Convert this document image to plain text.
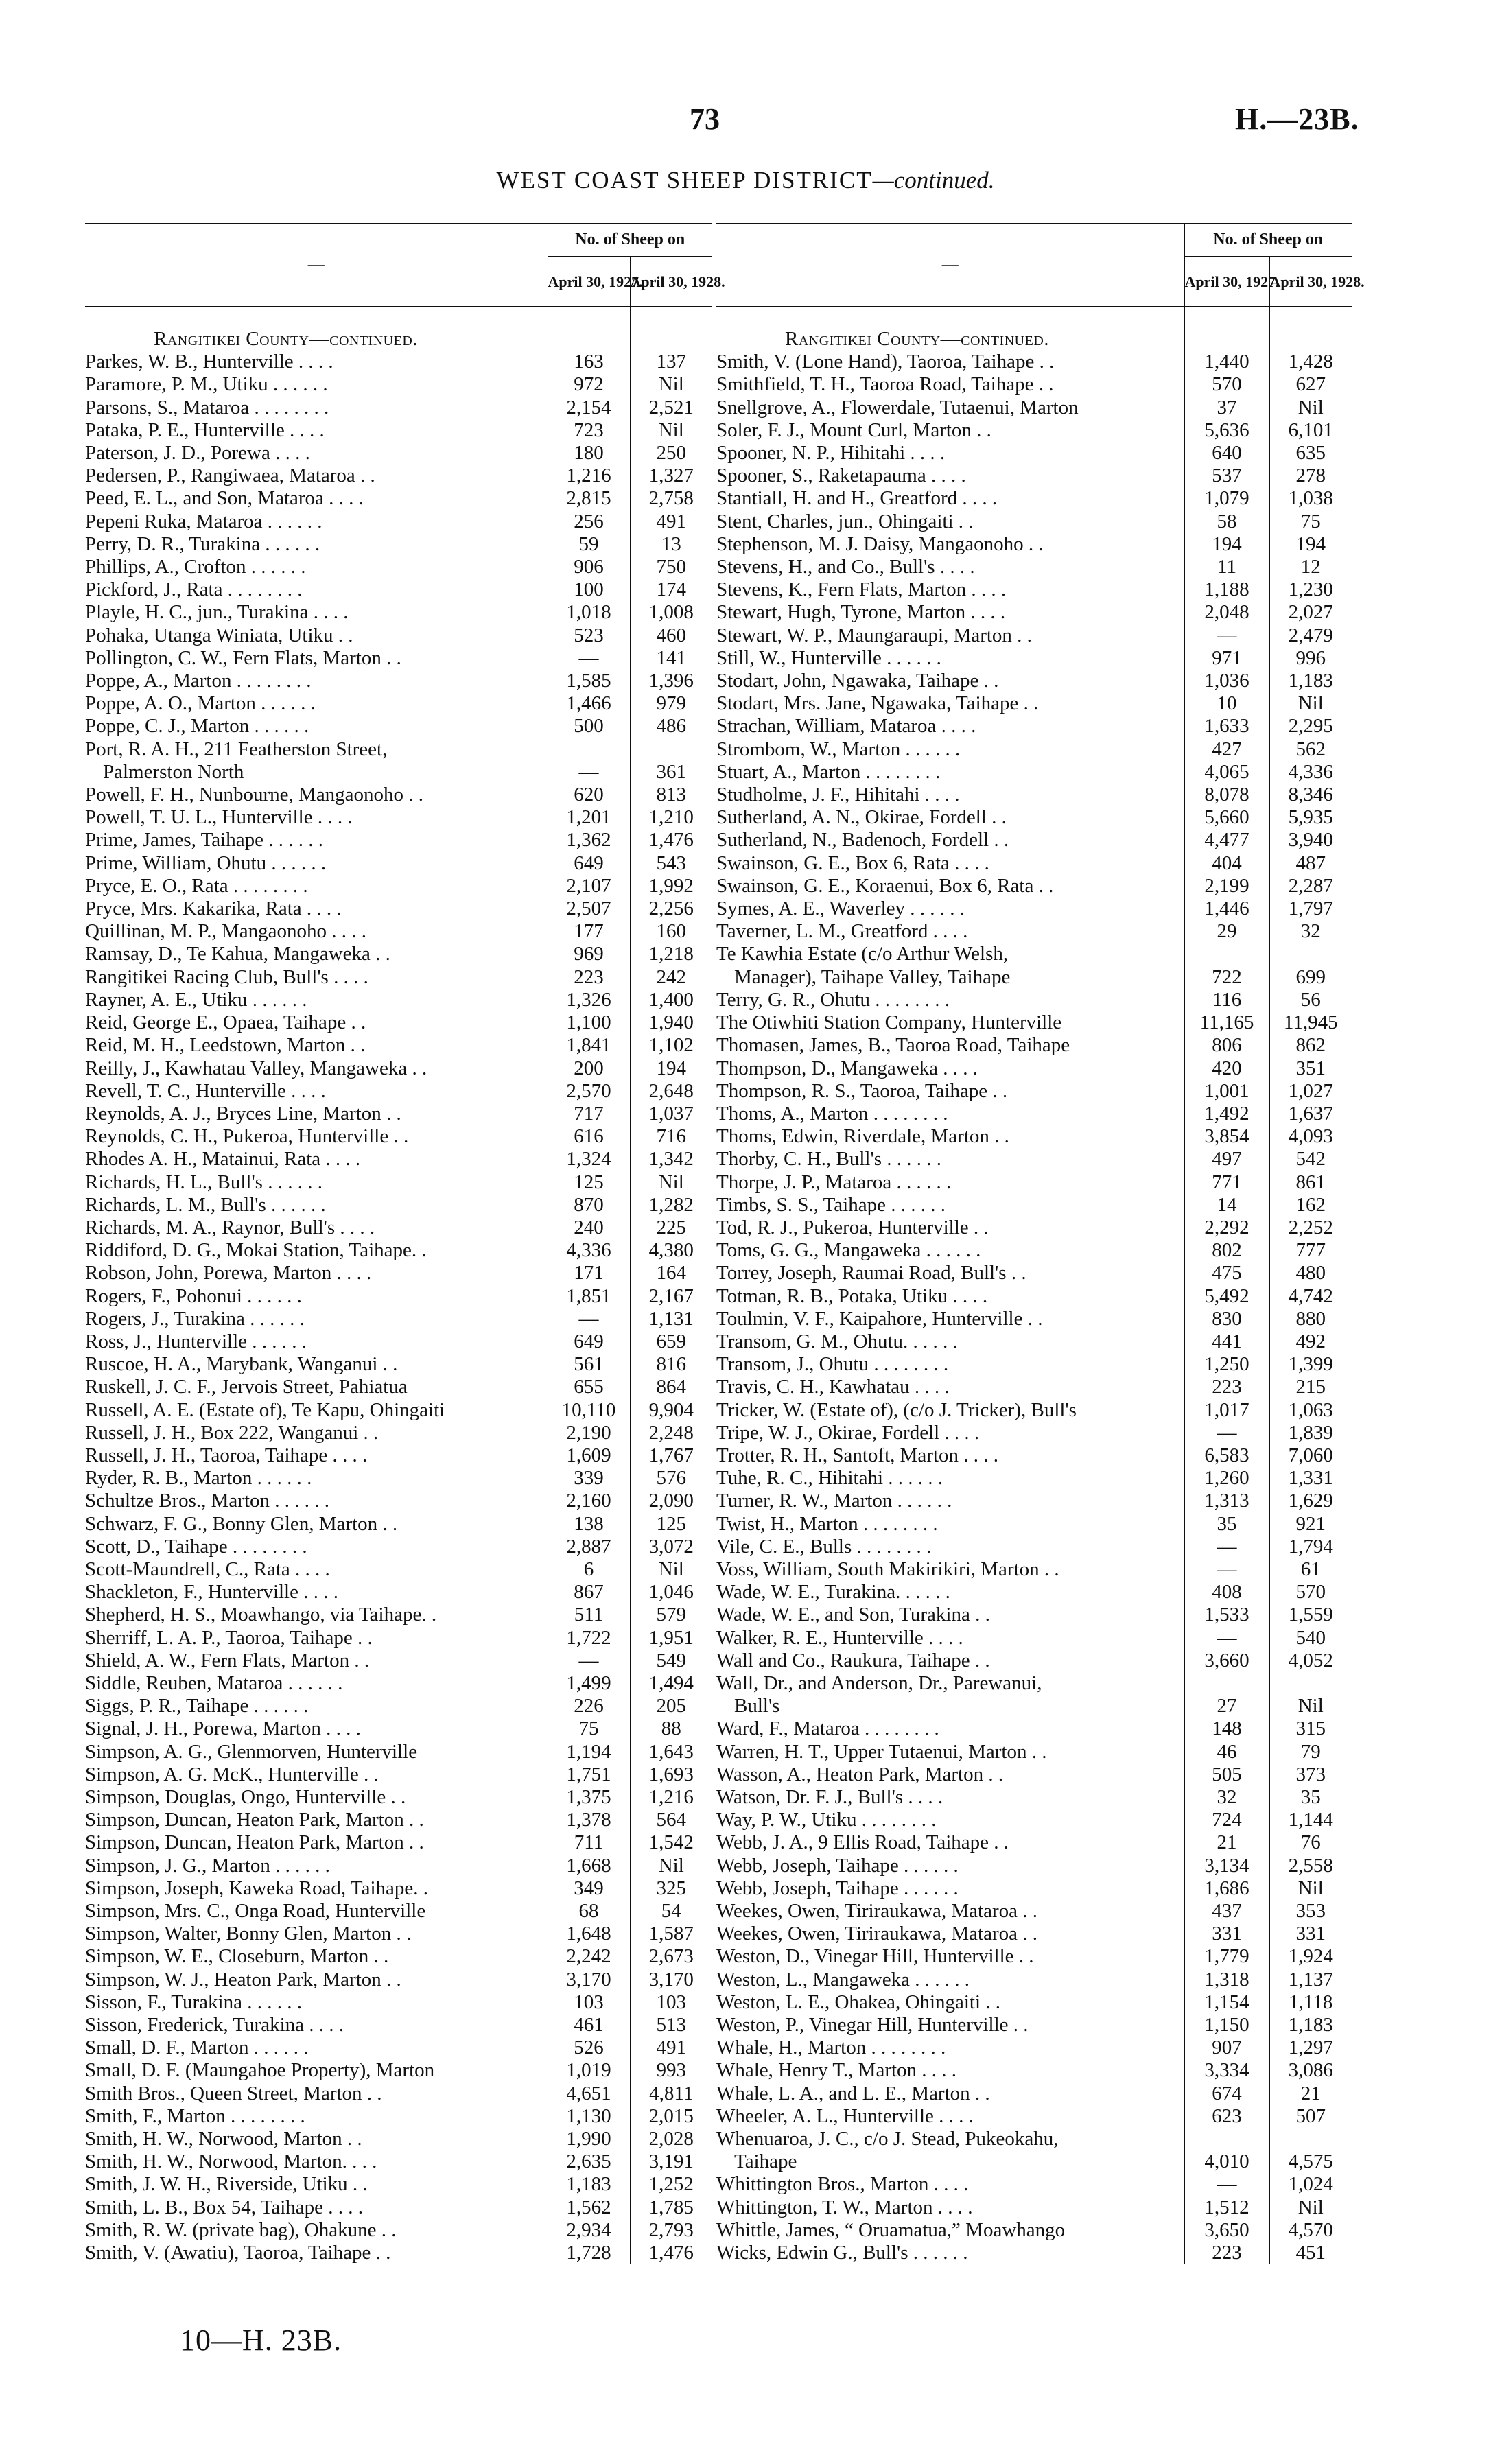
73	H.—23B.
WEST COAST SHEEP DISTRICT—continued.
—	No. of Sheep on	
	April 30, 1927.	April 30, 1928.

Rangitikei County—continued.		
Parkes, W. B., Hunterville . . . .	163	137
Paramore, P. M., Utiku . . . . . .	972	Nil
Parsons, S., Mataroa . . . . . . . .	2,154	2,521
Pataka, P. E., Hunterville . . . .	723	Nil
Paterson, J. D., Porewa . . . .	180	250
Pedersen, P., Rangiwaea, Mataroa . .	1,216	1,327
Peed, E. L., and Son, Mataroa . . . .	2,815	2,758
Pepeni Ruka, Mataroa . . . . . .	256	491
Perry, D. R., Turakina . . . . . .	59	13
Phillips, A., Crofton . . . . . .	906	750
Pickford, J., Rata . . . . . . . .	100	174
Playle, H. C., jun., Turakina . . . .	1,018	1,008
Pohaka, Utanga Winiata, Utiku . .	523	460
Pollington, C. W., Fern Flats, Marton . .	—	141
Poppe, A., Marton . . . . . . . .	1,585	1,396
Poppe, A. O., Marton . . . . . .	1,466	979
Poppe, C. J., Marton . . . . . .	500	486
Port, R. A. H., 211 Featherston Street,
Palmerston North	—	361
Powell, F. H., Nunbourne, Mangaonoho . .	620	813
Powell, T. U. L., Hunterville . . . .	1,201	1,210
Prime, James, Taihape . . . . . .	1,362	1,476
Prime, William, Ohutu . . . . . .	649	543
Pryce, E. O., Rata . . . . . . . .	2,107	1,992
Pryce, Mrs. Kakarika, Rata . . . .	2,507	2,256
Quillinan, M. P., Mangaonoho . . . .	177	160
Ramsay, D., Te Kahua, Mangaweka . .	969	1,218
Rangitikei Racing Club, Bull's . . . .	223	242
Rayner, A. E., Utiku . . . . . .	1,326	1,400
Reid, George E., Opaea, Taihape . .	1,100	1,940
Reid, M. H., Leedstown, Marton . .	1,841	1,102
Reilly, J., Kawhatau Valley, Mangaweka . .	200	194
Revell, T. C., Hunterville . . . .	2,570	2,648
Reynolds, A. J., Bryces Line, Marton . .	717	1,037
Reynolds, C. H., Pukeroa, Hunterville . .	616	716
Rhodes A. H., Matainui, Rata . . . .	1,324	1,342
Richards, H. L., Bull's . . . . . .	125	Nil
Richards, L. M., Bull's . . . . . .	870	1,282
Richards, M. A., Raynor, Bull's . . . .	240	225
Riddiford, D. G., Mokai Station, Taihape. .	4,336	4,380
Robson, John, Porewa, Marton . . . .	171	164
Rogers, F., Pohonui . . . . . .	1,851	2,167
Rogers, J., Turakina . . . . . .	—	1,131
Ross, J., Hunterville . . . . . .	649	659
Ruscoe, H. A., Marybank, Wanganui . .	561	816
Ruskell, J. C. F., Jervois Street, Pahiatua	655	864
Russell, A. E. (Estate of), Te Kapu, Ohingaiti	10,110	9,904
Russell, J. H., Box 222, Wanganui . .	2,190	2,248
Russell, J. H., Taoroa, Taihape . . . .	1,609	1,767
Ryder, R. B., Marton . . . . . .	339	576
Schultze Bros., Marton . . . . . .	2,160	2,090
Schwarz, F. G., Bonny Glen, Marton . .	138	125
Scott, D., Taihape . . . . . . . .	2,887	3,072
Scott-Maundrell, C., Rata . . . .	6	Nil
Shackleton, F., Hunterville . . . .	867	1,046
Shepherd, H. S., Moawhango, via Taihape. .	511	579
Sherriff, L. A. P., Taoroa, Taihape . .	1,722	1,951
Shield, A. W., Fern Flats, Marton . .	—	549
Siddle, Reuben, Mataroa . . . . . .	1,499	1,494
Siggs, P. R., Taihape . . . . . .	226	205
Signal, J. H., Porewa, Marton . . . .	75	88
Simpson, A. G., Glenmorven, Hunterville	1,194	1,643
Simpson, A. G. McK., Hunterville . .	1,751	1,693
Simpson, Douglas, Ongo, Hunterville . .	1,375	1,216
Simpson, Duncan, Heaton Park, Marton . .	1,378	564
Simpson, Duncan, Heaton Park, Marton . .	711	1,542
Simpson, J. G., Marton . . . . . .	1,668	Nil
Simpson, Joseph, Kaweka Road, Taihape. .	349	325
Simpson, Mrs. C., Onga Road, Hunterville	68	54
Simpson, Walter, Bonny Glen, Marton . .	1,648	1,587
Simpson, W. E., Closeburn, Marton . .	2,242	2,673
Simpson, W. J., Heaton Park, Marton . .	3,170	3,170
Sisson, F., Turakina . . . . . .	103	103
Sisson, Frederick, Turakina . . . .	461	513
Small, D. F., Marton . . . . . .	526	491
Small, D. F. (Maungahoe Property), Marton	1,019	993
Smith Bros., Queen Street, Marton . .	4,651	4,811
Smith, F., Marton . . . . . . . .	1,130	2,015
Smith, H. W., Norwood, Marton . .	1,990	2,028
Smith, H. W., Norwood, Marton. . . .	2,635	3,191
Smith, J. W. H., Riverside, Utiku . .	1,183	1,252
Smith, L. B., Box 54, Taihape . . . .	1,562	1,785
Smith, R. W. (private bag), Ohakune . .	2,934	2,793
Smith, V. (Awatiu), Taoroa, Taihape . .	1,728	1,476
—	No. of Sheep on	
	April 30, 1927.	April 30, 1928.

Rangitikei County—continued.		
Smith, V. (Lone Hand), Taoroa, Taihape . .	1,440	1,428
Smithfield, T. H., Taoroa Road, Taihape . .	570	627
Snellgrove, A., Flowerdale, Tutaenui, Marton	37	Nil
Soler, F. J., Mount Curl, Marton . .	5,636	6,101
Spooner, N. P., Hihitahi . . . .	640	635
Spooner, S., Raketapauma . . . .	537	278
Stantiall, H. and H., Greatford . . . .	1,079	1,038
Stent, Charles, jun., Ohingaiti . .	58	75
Stephenson, M. J. Daisy, Mangaonoho . .	194	194
Stevens, H., and Co., Bull's . . . .	11	12
Stevens, K., Fern Flats, Marton . . . .	1,188	1,230
Stewart, Hugh, Tyrone, Marton . . . .	2,048	2,027
Stewart, W. P., Maungaraupi, Marton . .	—	2,479
Still, W., Hunterville . . . . . .	971	996
Stodart, John, Ngawaka, Taihape . .	1,036	1,183
Stodart, Mrs. Jane, Ngawaka, Taihape . .	10	Nil
Strachan, William, Mataroa . . . .	1,633	2,295
Strombom, W., Marton . . . . . .	427	562
Stuart, A., Marton . . . . . . . .	4,065	4,336
Studholme, J. F., Hihitahi . . . .	8,078	8,346
Sutherland, A. N., Okirae, Fordell . .	5,660	5,935
Sutherland, N., Badenoch, Fordell . .	4,477	3,940
Swainson, G. E., Box 6, Rata . . . .	404	487
Swainson, G. E., Koraenui, Box 6, Rata . .	2,199	2,287
Symes, A. E., Waverley . . . . . .	1,446	1,797
Taverner, L. M., Greatford . . . .	29	32
Te Kawhia Estate (c/o Arthur Welsh,
Manager), Taihape Valley, Taihape	722	699
Terry, G. R., Ohutu . . . . . . . .	116	56
The Otiwhiti Station Company, Hunterville	11,165	11,945
Thomasen, James, B., Taoroa Road, Taihape	806	862
Thompson, D., Mangaweka . . . .	420	351
Thompson, R. S., Taoroa, Taihape . .	1,001	1,027
Thoms, A., Marton . . . . . . . .	1,492	1,637
Thoms, Edwin, Riverdale, Marton . .	3,854	4,093
Thorby, C. H., Bull's . . . . . .	497	542
Thorpe, J. P., Mataroa . . . . . .	771	861
Timbs, S. S., Taihape . . . . . .	14	162
Tod, R. J., Pukeroa, Hunterville . .	2,292	2,252
Toms, G. G., Mangaweka . . . . . .	802	777
Torrey, Joseph, Raumai Road, Bull's . .	475	480
Totman, R. B., Potaka, Utiku . . . .	5,492	4,742
Toulmin, V. F., Kaipahore, Hunterville . .	830	880
Transom, G. M., Ohutu. . . . . .	441	492
Transom, J., Ohutu . . . . . . . .	1,250	1,399
Travis, C. H., Kawhatau . . . .	223	215
Tricker, W. (Estate of), (c/o J. Tricker), Bull's	1,017	1,063
Tripe, W. J., Okirae, Fordell . . . .	—	1,839
Trotter, R. H., Santoft, Marton . . . .	6,583	7,060
Tuhe, R. C., Hihitahi . . . . . .	1,260	1,331
Turner, R. W., Marton . . . . . .	1,313	1,629
Twist, H., Marton . . . . . . . .	35	921
Vile, C. E., Bulls . . . . . . . .	—	1,794
Voss, William, South Makirikiri, Marton . .	—	61
Wade, W. E., Turakina. . . . . .	408	570
Wade, W. E., and Son, Turakina . .	1,533	1,559
Walker, R. E., Hunterville . . . .	—	540
Wall and Co., Raukura, Taihape . .	3,660	4,052
Wall, Dr., and Anderson, Dr., Parewanui,
Bull's	27	Nil
Ward, F., Mataroa . . . . . . . .	148	315
Warren, H. T., Upper Tutaenui, Marton . .	46	79
Wasson, A., Heaton Park, Marton . .	505	373
Watson, Dr. F. J., Bull's . . . .	32	35
Way, P. W., Utiku . . . . . . . .	724	1,144
Webb, J. A., 9 Ellis Road, Taihape . .	21	76
Webb, Joseph, Taihape . . . . . .	3,134	2,558
Webb, Joseph, Taihape . . . . . .	1,686	Nil
Weekes, Owen, Tiriraukawa, Mataroa . .	437	353
Weekes, Owen, Tiriraukawa, Mataroa . .	331	331
Weston, D., Vinegar Hill, Hunterville . .	1,779	1,924
Weston, L., Mangaweka . . . . . .	1,318	1,137
Weston, L. E., Ohakea, Ohingaiti . .	1,154	1,118
Weston, P., Vinegar Hill, Hunterville . .	1,150	1,183
Whale, H., Marton . . . . . . . .	907	1,297
Whale, Henry T., Marton . . . .	3,334	3,086
Whale, L. A., and L. E., Marton . .	674	21
Wheeler, A. L., Hunterville . . . .	623	507
Whenuaroa, J. C., c/o J. Stead, Pukeokahu,
Taihape	4,010	4,575
Whittington Bros., Marton . . . .	—	1,024
Whittington, T. W., Marton . . . .	1,512	Nil
Whittle, James, “ Oruamatua,” Moawhango	3,650	4,570
Wicks, Edwin G., Bull's . . . . . .	223	451
10—H. 23B.
